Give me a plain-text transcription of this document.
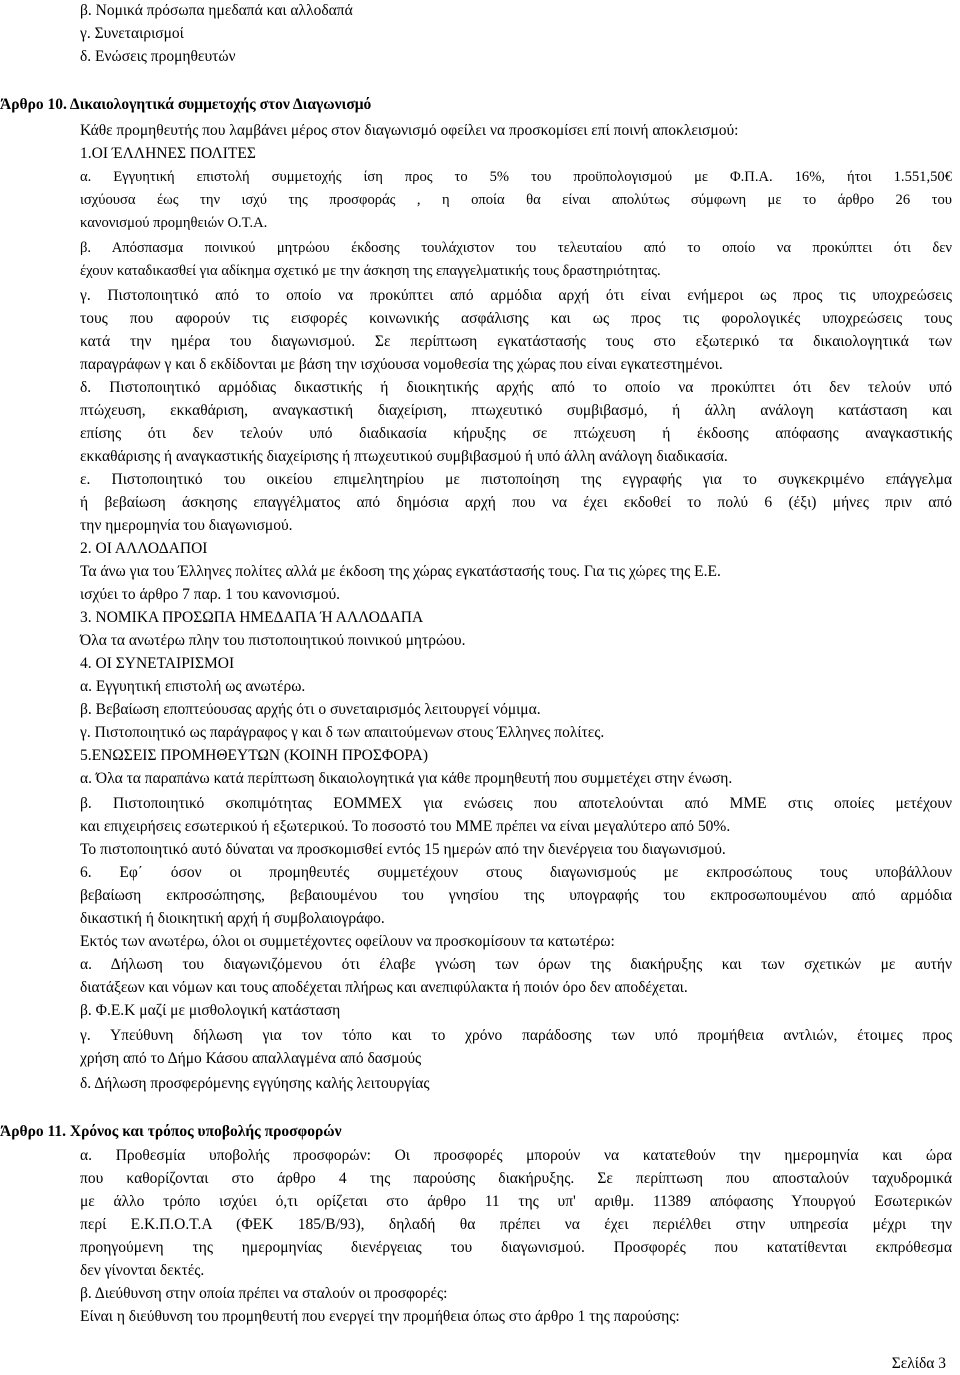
Σελίδα 3
Άρθρο 10. Δικαιολογητικά συμμετοχής στον Διαγωνισμό
Άρθρο 11. Χρόνος και τρόπος υποβολής προσφορών
β. Νομικά πρόσωπα ημεδαπά και αλλοδαπά
γ. Συνεταιρισμοί
δ. Ενώσεις προμηθευτών
Κάθε προμηθευτής που λαμβάνει μέρος στον διαγωνισμό οφείλει να προσκομίσει επί ποινή αποκλεισμού:
1.ΟΙ ΈΛΛΗΝΕΣ ΠΟΛΙΤΕΣ
α. Εγγυητική επιστολή συμμετοχής ίση προς το 5% του προϋπολογισμού με Φ.Π.Α. 16%, ήτοι 1.551,50€
ισχύουσα έως την ισχύ της προσφοράς , η οποία θα είναι απολύτως σύμφωνη με το άρθρο 26 του
κανονισμού προμηθειών Ο.Τ.Α.
β. Απόσπασμα ποινικού μητρώου έκδοσης τουλάχιστον του τελευταίου από το οποίο να προκύπτει ότι δεν
έχουν καταδικασθεί για αδίκημα σχετικό με την άσκηση της επαγγελματικής τους δραστηριότητας.
γ. Πιστοποιητικό από το οποίο να προκύπτει από αρμόδια αρχή ότι είναι ενήμεροι ως προς τις υποχρεώσεις
τους που αφορούν τις εισφορές κοινωνικής ασφάλισης και ως προς τις φορολογικές υποχρεώσεις τους
κατά την ημέρα του διαγωνισμού. Σε περίπτωση εγκατάστασής τους στο εξωτερικό τα δικαιολογητικά των
παραγράφων γ και δ εκδίδονται με βάση την ισχύουσα νομοθεσία της χώρας που είναι εγκατεστημένοι.
δ. Πιστοποιητικό αρμόδιας δικαστικής ή διοικητικής αρχής από το οποίο να προκύπτει ότι δεν τελούν υπό
πτώχευση, εκκαθάριση, αναγκαστική διαχείριση, πτωχευτικό συμβιβασμό, ή άλλη ανάλογη κατάσταση και
επίσης ότι δεν τελούν υπό διαδικασία κήρυξης σε πτώχευση ή έκδοσης απόφασης αναγκαστικής
εκκαθάρισης ή αναγκαστικής διαχείρισης ή πτωχευτικού συμβιβασμού ή υπό άλλη ανάλογη διαδικασία.
ε. Πιστοποιητικό του οικείου επιμελητηρίου με πιστοποίηση της εγγραφής για το συγκεκριμένο επάγγελμα
ή βεβαίωση άσκησης επαγγέλματος από δημόσια αρχή που να έχει εκδοθεί το πολύ 6 (έξι) μήνες πριν από
την ημερομηνία του διαγωνισμού.
2. ΟΙ ΑΛΛΟΔΑΠΟΙ
Τα άνω για του Έλληνες πολίτες αλλά με έκδοση της χώρας εγκατάστασής τους. Για τις χώρες της Ε.Ε.
ισχύει το άρθρο 7 παρ. 1 του κανονισμού.
3. ΝΟΜΙΚΑ ΠΡΟΣΩΠΑ ΗΜΕΔΑΠΑ Ή ΑΛΛΟΔΑΠΑ
Όλα τα ανωτέρω πλην του πιστοποιητικού ποινικού μητρώου.
4. ΟΙ ΣΥΝΕΤΑΙΡΙΣΜΟΙ
α. Εγγυητική επιστολή ως ανωτέρω.
β. Βεβαίωση εποπτεύουσας αρχής ότι ο συνεταιρισμός λειτουργεί νόμιμα.
γ. Πιστοποιητικό ως παράγραφος γ και δ των απαιτούμενων στους Έλληνες πολίτες.
5.ΕΝΩΣΕΙΣ ΠΡΟΜΗΘΕΥΤΩΝ (ΚΟΙΝΗ ΠΡΟΣΦΟΡΑ)
α. Όλα τα παραπάνω κατά περίπτωση δικαιολογητικά για κάθε προμηθευτή που συμμετέχει στην ένωση.
β. Πιστοποιητικό σκοπιμότητας ΕΟΜΜΕΧ για ενώσεις που αποτελούνται από ΜΜΕ στις οποίες μετέχουν
και επιχειρήσεις εσωτερικού ή εξωτερικού. Το ποσοστό του ΜΜΕ πρέπει να είναι μεγαλύτερο από 50%.
Το πιστοποιητικό αυτό δύναται να προσκομισθεί εντός 15 ημερών από την διενέργεια του διαγωνισμού.
6. Εφ΄ όσον οι προμηθευτές συμμετέχουν στους διαγωνισμούς με εκπροσώπους τους υποβάλλουν
βεβαίωση εκπροσώπησης, βεβαιουμένου του γνησίου της υπογραφής του εκπροσωπουμένου από αρμόδια
δικαστική ή διοικητική αρχή ή συμβολαιογράφο.
Εκτός των ανωτέρω, όλοι οι συμμετέχοντες οφείλουν να προσκομίσουν τα κατωτέρω:
α. Δήλωση του διαγωνιζόμενου ότι έλαβε γνώση των όρων της διακήρυξης και των σχετικών με αυτήν
διατάξεων και νόμων και τους αποδέχεται πλήρως και ανεπιφύλακτα ή ποιόν όρο δεν αποδέχεται.
β. Φ.Ε.Κ μαζί με μισθολογική κατάσταση
γ. Υπεύθυνη δήλωση για τον τόπο και το χρόνο παράδοσης των υπό προμήθεια αντλιών, έτοιμες προς
χρήση από το Δήμο Κάσου απαλλαγμένα από δασμούς
δ. Δήλωση προσφερόμενης εγγύησης καλής λειτουργίας
α. Προθεσμία υποβολής προσφορών: Οι προσφορές μπορούν να κατατεθούν την ημερομηνία και ώρα
που καθορίζονται στο άρθρο 4 της παρούσης διακήρυξης. Σε περίπτωση που αποσταλούν ταχυδρομικά
με άλλο τρόπο ισχύει ό,τι ορίζεται στο άρθρο 11 της υπ' αριθμ. 11389 απόφασης Υπουργού Εσωτερικών
περί Ε.Κ.Π.Ο.Τ.Α (ΦΕΚ 185/Β/93), δηλαδή θα πρέπει να έχει περιέλθει στην υπηρεσία μέχρι την
προηγούμενη της ημερομηνίας διενέργειας του διαγωνισμού. Προσφορές που κατατίθενται εκπρόθεσμα
δεν γίνονται δεκτές.
β. Διεύθυνση στην οποία πρέπει να σταλούν οι προσφορές:
Είναι η διεύθυνση του προμηθευτή που ενεργεί την προμήθεια όπως στο άρθρο 1 της παρούσης:
